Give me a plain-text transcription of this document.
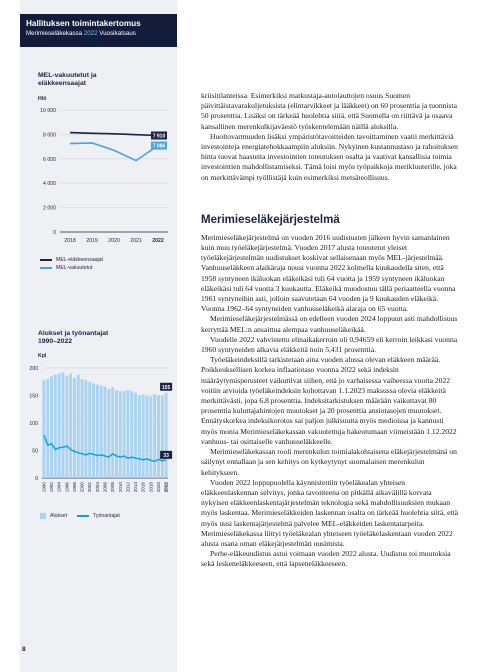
Hallituksen toimintakertomus
Merimieseläkekassa 2022 Vuosikatsaus
MEL-vakuutetut ja
eläkkeensaajat
Hlö
0
2 000
4 000
6 000
8 000
10 000
2018 2019 2020 2021 2022
7 910
7 086
MEL-eläkkeensaajat
MEL-vakuutetut
Alukset ja työnantajat
1990–2022
Kpl
0
50
100
150
200
1990 1992 1994 1996 1998 2000 2002 2004 2006 2008 2010 2012 2014 2016 2018 2020 2022
155
33
Alukset	Työnantajat

kriisitilanteissa. Esimerkiksi matkustaja-autolauttojen osuus Suomen päivittäistavarakuljetuksista (elintarvikkeet ja lääkkeet) on 60 prosenttia ja tuonnista 50 prosenttia. Lisäksi on tärkeää huolehtia siitä, että Suomella on riittävä ja osaava kansallinen merenkulkijaväestö työskentelemään näillä aluksilla.

Huoltovarmuuden lisäksi ympäristötavoitteiden tavoittaminen vaatii merkittäviä investointeja energiatehokkaampiin aluksiin. Nykyinen kustannustaso ja rahoituksen hinta tuovat haasteita investointien toteutuksen osalta ja vaativat kansallisia toimia investointien mahdollistamiseksi. Tämä loisi myös työpaikkoja merikluuterille, joka on merkittävämpi työllistäjä kuin esimerkiksi metsäteollisuus.

Merimieseläkejärjestelmä

Merimieseläkejärjestelmä on vuoden 2016 uudistusten jälkeen hyvin samanlainen kuin muu työeläkejärjestelmä. Vuoden 2017 alusta toteutetut yleiset työeläkejärjestelmän uudistukset koskivat sellaisenaan myös MEL-järjestelmää. Vanhuuseläkkeen alaikäraja nousi vuonna 2022 kolmella kuukaudella siten, että 1958 syntyneen ikäluokan eläkeikäsi tuli 64 vuotta ja 1959 syntyneen ikäluokan eläkeikäsi tuli 64 vuotta 3 kuukautta. Eläkeikä muodostuu tällä periaatteella vuonna 1961 syntyneihin asti, jolloin saavutetaan 64 vuoden ja 9 kuukauden eläkeikä. Vuonna 1962–64 syntyneiden vanhuuseläkeikä alaraja on 65 vuotta.

Merimieseläkejärjestelmässä on edelleen vuoden 2024 loppuun asti mahdollisuus kerryttää MEL:n ansaittua alempaa vanhuuseläkeikää.

Vuodelle 2022 vahvistettu elinaikakerroin oli 0,94659 eli kerroin leikkasi vuonna 1960 syntyneiden alkavia eläkkeitä noin 5,431 prosenttia.

Työeläkeindeksillä tarkistetaan aina vuoden alussa olevan eläkkeen määrää. Poikkeuksellisen korkea inflaatiotaso vuonna 2022 sekä indeksin määräytymisperusteet vaikuttivat siihen, että jo varhaisessa vaiheessa vuotta 2022 voitiin arvioida työeläkeindeksin kohottavan 1.1.2023 maksussa olevia eläkkeitä merkittävästi, jopa 6,8 prosenttia. Indeksitarkistuksen määrään vaikuttavat 80 prosenttia kuluttajahintojen muutokset ja 20 prosenttia ansiotasojen muutokset. Ennätyskorkea indeksikorotus sai paljon julkisuutta myös medioissa ja kannusti myös monia Merimieseläkekassan vakuutettuja hakeutumaan viimeistään 1.12.2022 vanhuus- tai osittaiselle vanhuuseläkkeelle.

Merimieseläkekassan rooli merenkulun toimialakohtaisena eläkejärjestelmänä on säilynyt ennallaan ja sen kehitys on kytkeytynyt suomalaisen merenkulun kehitykseen.

Vuoden 2022 loppupuolella käynnistettiin työeläkealan yhteisen eläkkeenlaskennan selvitys, jonka tavoitteena on pitkällä aikavälillä korvata nykyisen eläkkeenlaskentajärjestelmän teknologia sekä mahdollisuuksien mukaan myös laskentaa. Merimieseläkkeiden laskennan osalta on tärkeää huolehtia siitä, että myös uusi laskentajärjestelmä palvelee MEL-eläkkeiden laskentatarpeita. Merimieseläkekassa liittyi työeläkealan yhteiseen työeläkelaskentaan vuoden 2022 alusta osana oman eläkejärjestelmän uusimista.

Perhe-eläkeuudistus astui voimaan vuoden 2022 alusta. Uudistus toi muutoksia sekä leskeneläkkeeseen, että lapseneläkkeeseen.

8
